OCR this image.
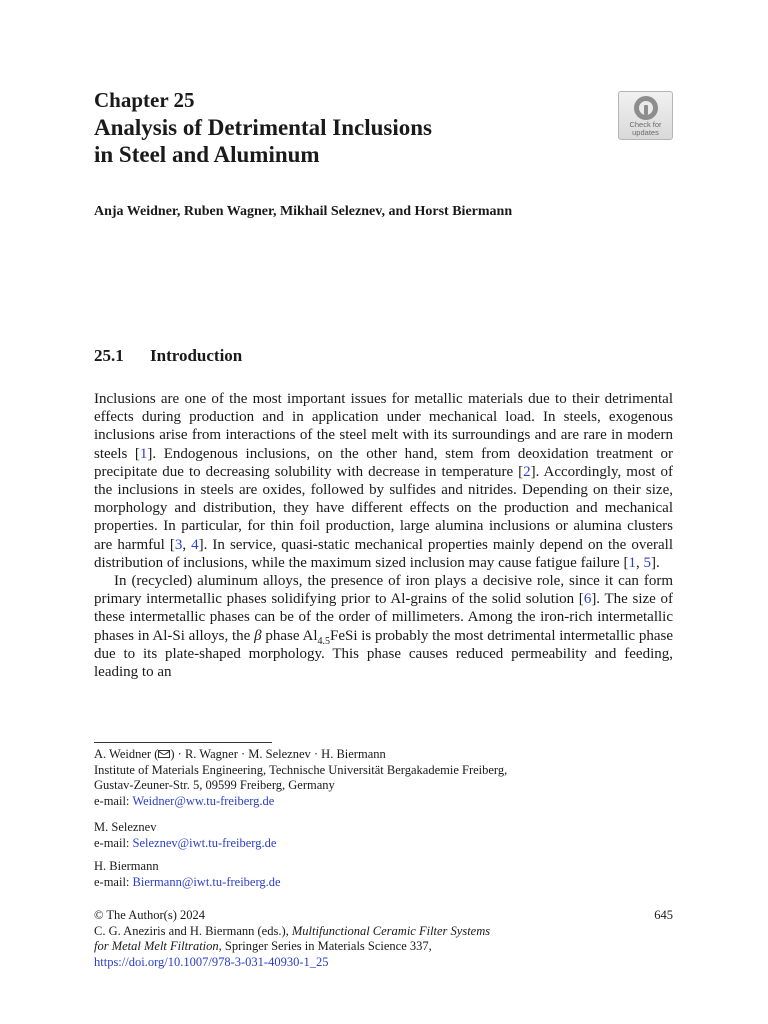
Chapter 25
Analysis of Detrimental Inclusions
in Steel and Aluminum
Check for
updates
Anja Weidner, Ruben Wagner, Mikhail Seleznev, and Horst Biermann
25.1 Introduction

Inclusions are one of the most important issues for metallic materials due to their detrimental effects during production and in application under mechanical load. In steels, exogenous inclusions arise from interactions of the steel melt with its surroundings and are rare in modern steels [1]. Endogenous inclusions, on the other hand, stem from deoxidation treatment or precipitate due to decreasing solubility with decrease in temperature [2]. Accordingly, most of the inclusions in steels are oxides, followed by sulfides and nitrides. Depending on their size, morphology and distribution, they have different effects on the production and mechanical properties. In particular, for thin foil production, large alumina inclusions or alumina clusters are harmful [3, 4]. In service, quasi-static mechanical properties mainly depend on the overall distribution of inclusions, while the maximum sized inclusion may cause fatigue failure [1, 5].

In (recycled) aluminum alloys, the presence of iron plays a decisive role, since it can form primary intermetallic phases solidifying prior to Al-grains of the solid solution [6]. The size of these intermetallic phases can be of the order of millimeters. Among the iron-rich intermetallic phases in Al-Si alloys, the β phase $Al_{4.5}FeSi$ is probably the most detrimental intermetallic phase due to its plate-shaped morphology. This phase causes reduced permeability and feeding, leading to an

A. Weidner ( ) · R. Wagner · M. Seleznev · H. Biermann
Institute of Materials Engineering, Technische Universität Bergakademie Freiberg,
Gustav-Zeuner-Str. 5, 09599 Freiberg, Germany
e-mail: Weidner@ww.tu-freiberg.de
M. Seleznev
e-mail: Seleznev@iwt.tu-freiberg.de
H. Biermann
e-mail: Biermann@iwt.tu-freiberg.de
645
© The Author(s) 2024
C. G. Aneziris and H. Biermann (eds.), Multifunctional Ceramic Filter Systems
for Metal Melt Filtration, Springer Series in Materials Science 337,
https://doi.org/10.1007/978-3-031-40930-1_25
